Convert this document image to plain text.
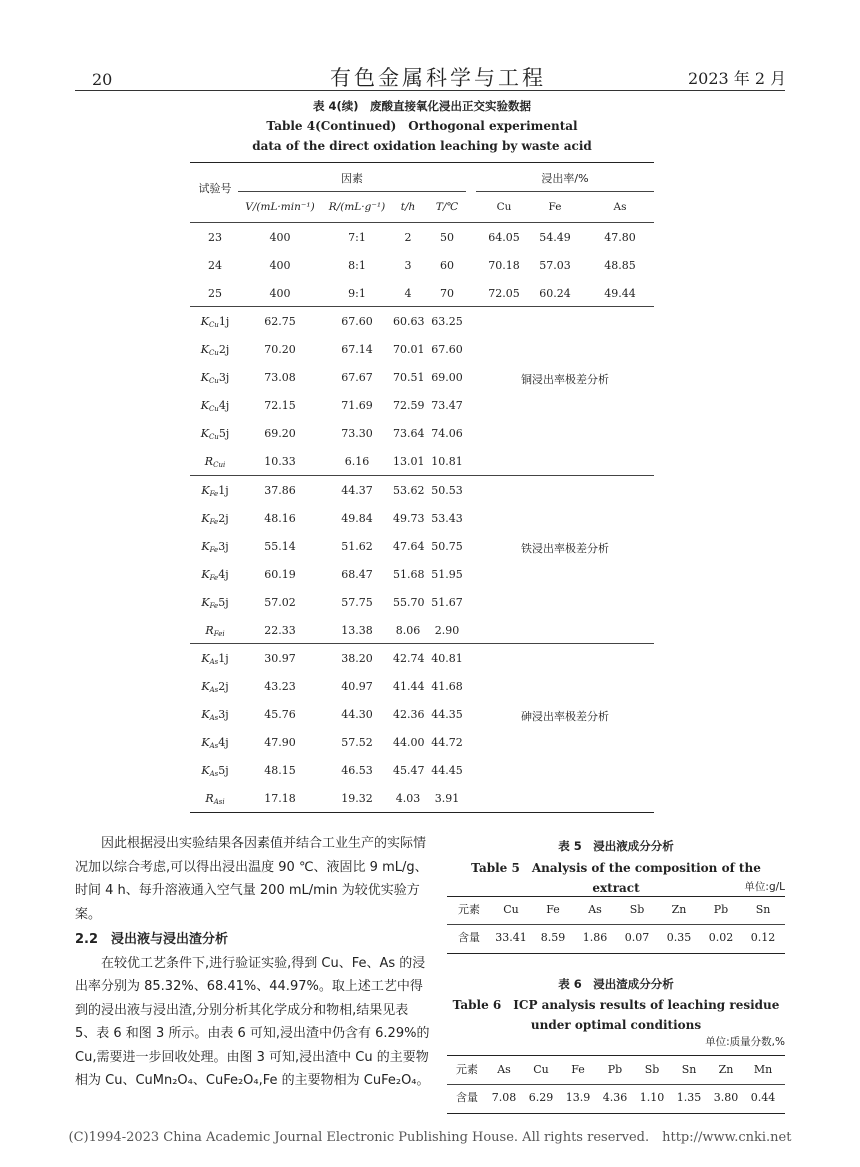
20	有色金属科学与工程	2023 年 2 月
表 4(续)　废酸直接氧化浸出正交实验数据
Table 4(Continued)　Orthogonal experimental
data of the direct oxidation leaching by waste acid
试验号
因素	浸出率/%
V/(mL·min⁻¹)	R/(mL·g⁻¹)	t/h	T/℃	Cu	Fe	As
23	400	7:1	2	50	64.05	54.49	47.80
24	400	8:1	3	60	70.18	57.03	48.85
25	400	9:1	4	70	72.05	60.24	49.44
$K_{Cu}1j$	62.75	67.60	60.63 63.25
$K_{Cu}2j$	70.20	67.14	70.01 67.60
$K_{Cu}3j$	73.08	67.67	70.51 69.00
$K_{Cu}4j$	72.15	71.69	72.59 73.47
$K_{Cu}5j$	69.20	73.30	73.64 74.06
$R_{Cui}$	10.33	6.16	13.01 10.81
铜浸出率极差分析
$K_{Fe}1j$	37.86	44.37	53.62 50.53
$K_{Fe}2j$	48.16	49.84	49.73 53.43
$K_{Fe}3j$	55.14	51.62	47.64 50.75
$K_{Fe}4j$	60.19	68.47	51.68 51.95
$K_{Fe}5j$	57.02	57.75	55.70 51.67
$R_{Fei}$	22.33	13.38	8.06	2.90
铁浸出率极差分析
$K_{As}1j$	30.97	38.20	42.74 40.81
$K_{As}2j$	43.23	40.97	41.44 41.68
$K_{As}3j$	45.76	44.30	42.36 44.35
$K_{As}4j$	47.90	57.52	44.00 44.72
$K_{As}5j$	48.15	46.53	45.47 44.45
$R_{Asi}$	17.18	19.32	4.03	3.91
砷浸出率极差分析

因此根据浸出实验结果各因素值并结合工业生产的实际情况加以综合考虑,可以得出浸出温度 90 ℃、液固比 9 mL/g、时间 4 h、每升溶液通入空气量 200 mL/min 为较优实验方案。

2.2　浸出液与浸出渣分析

在较优工艺条件下,进行验证实验,得到 Cu、Fe、As 的浸出率分别为 85.32%、68.41%、44.97%。取上述工艺中得到的浸出液与浸出渣,分别分析其化学成分和物相,结果见表 5、表 6 和图 3 所示。由表 6 可知,浸出渣中仍含有 6.29%的 Cu,需要进一步回收处理。由图 3 可知,浸出渣中 Cu 的主要物相为 Cu、CuMn₂O₄、CuFe₂O₄,Fe 的主要物相为 CuFe₂O₄。

表 5　浸出液成分分析
Table 5　Analysis of the composition of the extract	单位:g/L
元素	Cu	Fe	As	Sb	Zn	Pb	Sn
含量	33.41	8.59	1.86	0.07	0.35	0.02	0.12
表 6　浸出渣成分分析
Table 6　ICP analysis results of leaching residue
under optimal conditions
单位:质量分数,%
元素	As	Cu	Fe	Pb	Sb	Sn	Zn	Mn
含量	7.08	6.29	13.9	4.36	1.10	1.35	3.80	0.44
(C)1994-2023 China Academic Journal Electronic Publishing House. All rights reserved.　http://www.cnki.net
